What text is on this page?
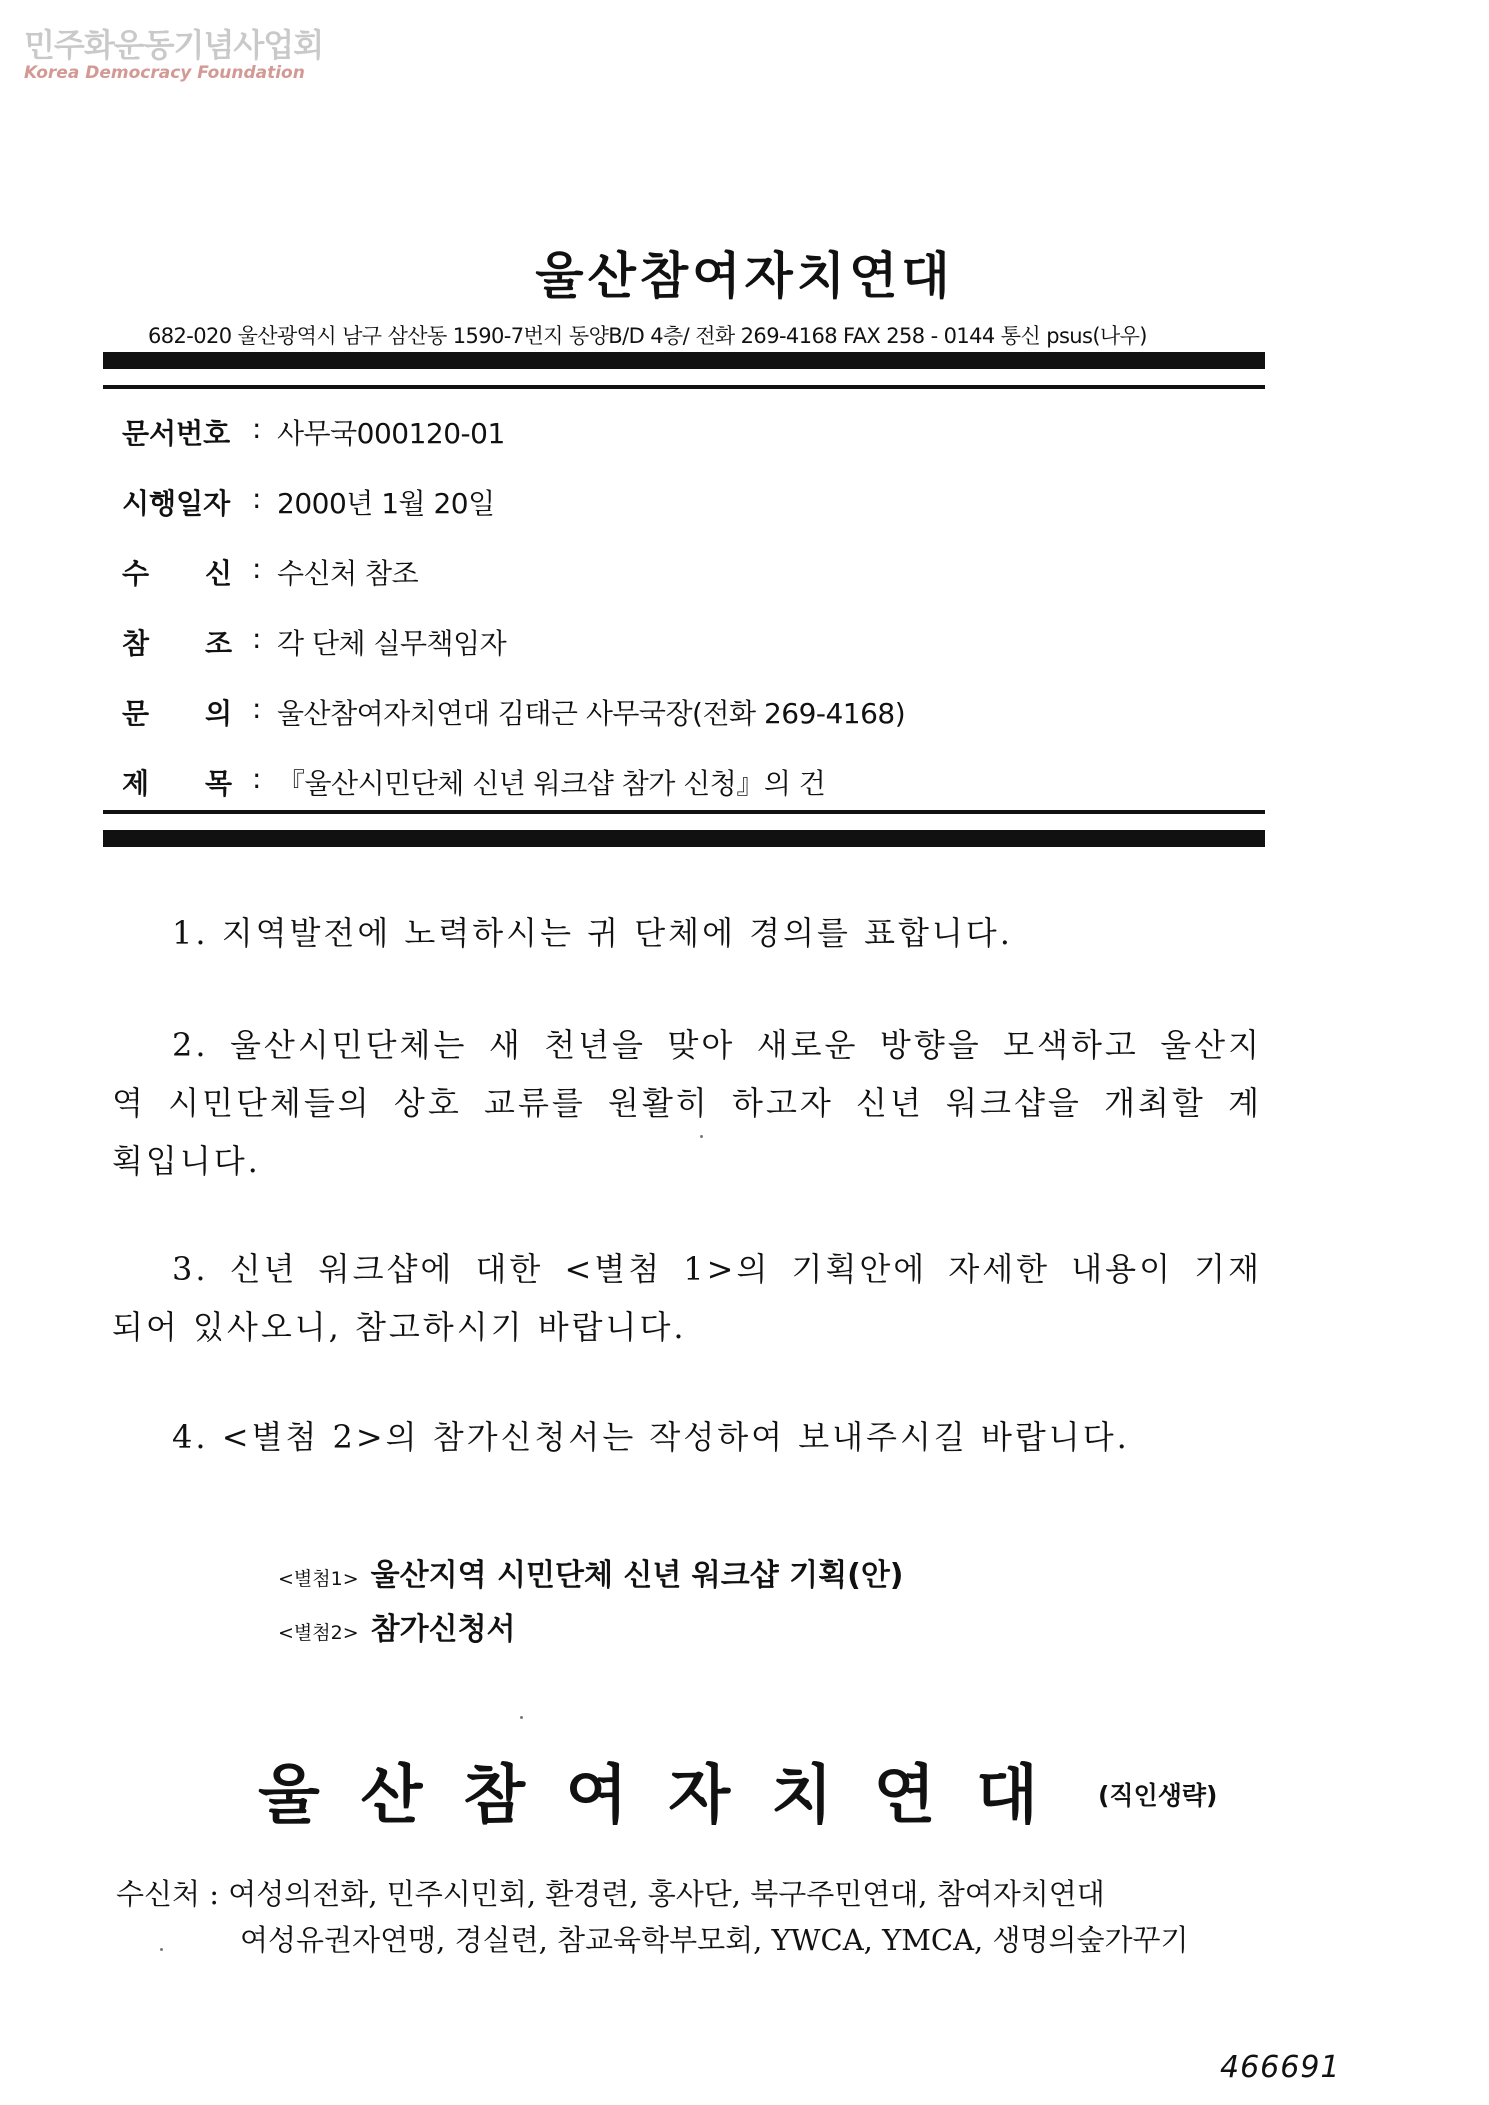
민주화운동기념사업회
Korea Democracy Foundation
울산참여자치연대
682-020 울산광역시 남구 삼산동 1590-7번지 동양B/D 4층/ 전화 269-4168 FAX 258 - 0144 통신 psus(나우)
문서번호 : 사무국000120-01
시행일자 : 2000년 1월 20일
수 신 : 수신처 참조
참 조 : 각 단체 실무책임자
문 의 : 울산참여자치연대 김태근 사무국장(전화 269-4168)
제 목 : 『울산시민단체 신년 워크샵 참가 신청』의 건

1. 지역발전에 노력하시는 귀 단체에 경의를 표합니다.

2. 울산시민단체는 새 천년을 맞아 새로운 방향을 모색하고 울산지

역 시민단체들의 상호 교류를 원활히 하고자 신년 워크샵을 개최할 계

획입니다.

3. 신년 워크샵에 대한 <별첨 1>의 기획안에 자세한 내용이 기재

되어 있사오니, 참고하시기 바랍니다.

4. <별첨 2>의 참가신청서는 작성하여 보내주시길 바랍니다.

<별첨1> 울산지역 시민단체 신년 워크샵 기획(안)
<별첨2> 참가신청서
울 산 참 여 자 치 연 대 (직인생략)
수신처 : 여성의전화, 민주시민회, 환경련, 홍사단, 북구주민연대, 참여자치연대
여성유권자연맹, 경실련, 참교육학부모회, YWCA, YMCA, 생명의숲가꾸기
466691
